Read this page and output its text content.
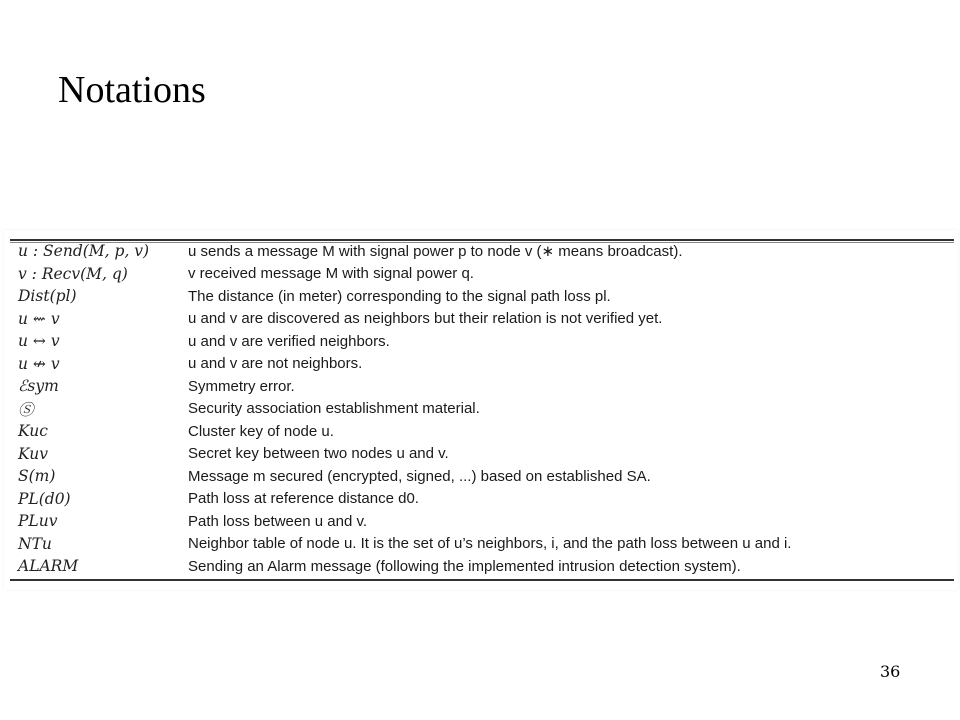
Notations
u : Send(M, p, v)	u sends a message M with signal power p to node v (∗ means broadcast).
v : Recv(M, q)	v received message M with signal power q.
Dist(pl)	The distance (in meter) corresponding to the signal path loss pl.
u ⇜ v	u and v are discovered as neighbors but their relation is not verified yet.
u ↔ v	u and v are verified neighbors.
u ↮ v	u and v are not neighbors.
ℰsym	Symmetry error.
Ⓢ	Security association establishment material.
Kuc	Cluster key of node u.
Kuv	Secret key between two nodes u and v.
S(m)	Message m secured (encrypted, signed, ...) based on established SA.
PL(d0)	Path loss at reference distance d0.
PLuv	Path loss between u and v.
NTu	Neighbor table of node u. It is the set of u’s neighbors, i, and the path loss between u and i.
ALARM	Sending an Alarm message (following the implemented intrusion detection system).
36
